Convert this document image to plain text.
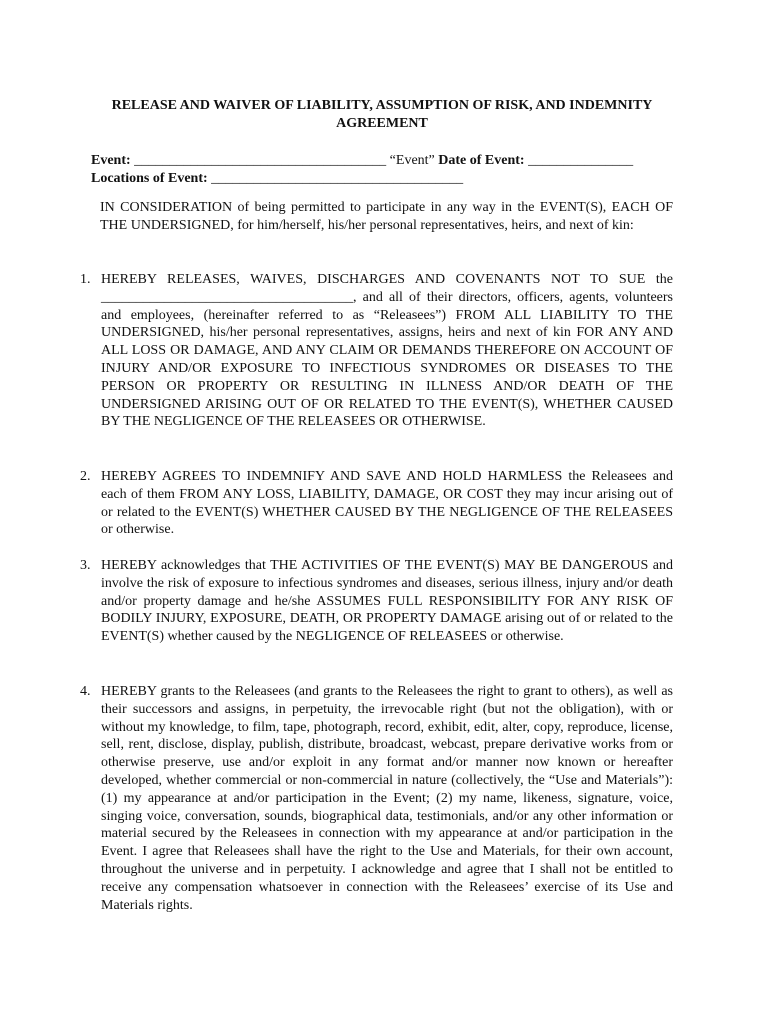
RELEASE AND WAIVER OF LIABILITY, ASSUMPTION OF RISK, AND INDEMNITY AGREEMENT
Event: ____________________________________ “Event” Date of Event: _______________
Locations of Event: ____________________________________
IN CONSIDERATION of being permitted to participate in any way in the EVENT(S), EACH OF THE UNDERSIGNED, for him/herself, his/her personal representatives, heirs, and next of kin:
1. HEREBY RELEASES, WAIVES, DISCHARGES AND COVENANTS NOT TO SUE the ____________________________________, and all of their directors, officers, agents, volunteers and employees, (hereinafter referred to as “Releasees”) FROM ALL LIABILITY TO THE UNDERSIGNED, his/her personal representatives, assigns, heirs and next of kin FOR ANY AND ALL LOSS OR DAMAGE, AND ANY CLAIM OR DEMANDS THEREFORE ON ACCOUNT OF INJURY AND/OR EXPOSURE TO INFECTIOUS SYNDROMES OR DISEASES TO THE PERSON OR PROPERTY OR RESULTING IN ILLNESS AND/OR DEATH OF THE UNDERSIGNED ARISING OUT OF OR RELATED TO THE EVENT(S), WHETHER CAUSED BY THE NEGLIGENCE OF THE RELEASEES OR OTHERWISE.
2. HEREBY AGREES TO INDEMNIFY AND SAVE AND HOLD HARMLESS the Releasees and each of them FROM ANY LOSS, LIABILITY, DAMAGE, OR COST they may incur arising out of or related to the EVENT(S) WHETHER CAUSED BY THE NEGLIGENCE OF THE RELEASEES or otherwise.
3. HEREBY acknowledges that THE ACTIVITIES OF THE EVENT(S) MAY BE DANGEROUS and involve the risk of exposure to infectious syndromes and diseases, serious illness, injury and/or death and/or property damage and he/she ASSUMES FULL RESPONSIBILITY FOR ANY RISK OF BODILY INJURY, EXPOSURE, DEATH, OR PROPERTY DAMAGE arising out of or related to the EVENT(S) whether caused by the NEGLIGENCE OF RELEASEES or otherwise.
4. HEREBY grants to the Releasees (and grants to the Releasees the right to grant to others), as well as their successors and assigns, in perpetuity, the irrevocable right (but not the obligation), with or without my knowledge, to film, tape, photograph, record, exhibit, edit, alter, copy, reproduce, license, sell, rent, disclose, display, publish, distribute, broadcast, webcast, prepare derivative works from or otherwise preserve, use and/or exploit in any format and/or manner now known or hereafter developed, whether commercial or non-commercial in nature (collectively, the “Use and Materials”): (1) my appearance at and/or participation in the Event; (2) my name, likeness, signature, voice, singing voice, conversation, sounds, biographical data, testimonials, and/or any other information or material secured by the Releasees in connection with my appearance at and/or participation in the Event. I agree that Releasees shall have the right to the Use and Materials, for their own account, throughout the universe and in perpetuity. I acknowledge and agree that I shall not be entitled to receive any compensation whatsoever in connection with the Releasees’ exercise of its Use and Materials rights.
